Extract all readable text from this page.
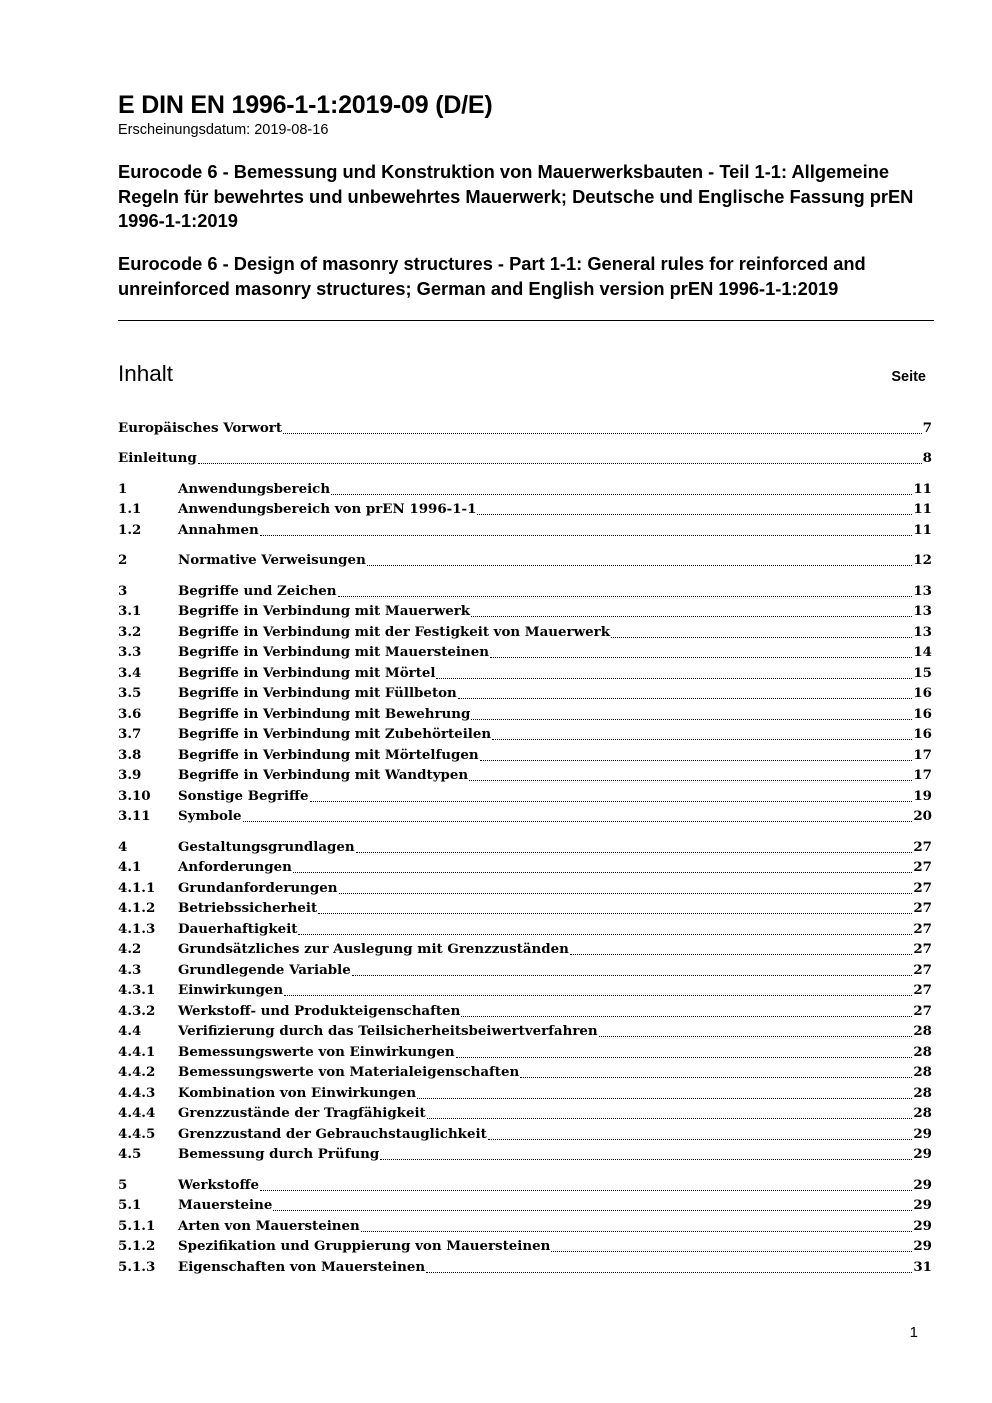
E DIN EN 1996-1-1:2019-09 (D/E)
Erscheinungsdatum: 2019-08-16
Eurocode 6 - Bemessung und Konstruktion von Mauerwerksbauten - Teil 1-1: Allgemeine Regeln für bewehrtes und unbewehrtes Mauerwerk; Deutsche und Englische Fassung prEN 1996-1-1:2019
Eurocode 6 - Design of masonry structures - Part 1-1: General rules for reinforced and unreinforced masonry structures; German and English version prEN 1996-1-1:2019
Inhalt	Seite
Europäisches Vorwort	7
Einleitung	8
1	Anwendungsbereich	11
1.1	Anwendungsbereich von prEN 1996-1-1	11
1.2	Annahmen	11
2	Normative Verweisungen	12
3	Begriffe und Zeichen	13
3.1	Begriffe in Verbindung mit Mauerwerk	13
3.2	Begriffe in Verbindung mit der Festigkeit von Mauerwerk	13
3.3	Begriffe in Verbindung mit Mauersteinen	14
3.4	Begriffe in Verbindung mit Mörtel	15
3.5	Begriffe in Verbindung mit Füllbeton	16
3.6	Begriffe in Verbindung mit Bewehrung	16
3.7	Begriffe in Verbindung mit Zubehörteilen	16
3.8	Begriffe in Verbindung mit Mörtelfugen	17
3.9	Begriffe in Verbindung mit Wandtypen	17
3.10	Sonstige Begriffe	19
3.11	Symbole	20
4	Gestaltungsgrundlagen	27
4.1	Anforderungen	27
4.1.1	Grundanforderungen	27
4.1.2	Betriebssicherheit	27
4.1.3	Dauerhaftigkeit	27
4.2	Grundsätzliches zur Auslegung mit Grenzzuständen	27
4.3	Grundlegende Variable	27
4.3.1	Einwirkungen	27
4.3.2	Werkstoff- und Produkteigenschaften	27
4.4	Verifizierung durch das Teilsicherheitsbeiwertverfahren	28
4.4.1	Bemessungswerte von Einwirkungen	28
4.4.2	Bemessungswerte von Materialeigenschaften	28
4.4.3	Kombination von Einwirkungen	28
4.4.4	Grenzzustände der Tragfähigkeit	28
4.4.5	Grenzzustand der Gebrauchstauglichkeit	29
4.5	Bemessung durch Prüfung	29
5	Werkstoffe	29
5.1	Mauersteine	29
5.1.1	Arten von Mauersteinen	29
5.1.2	Spezifikation und Gruppierung von Mauersteinen	29
5.1.3	Eigenschaften von Mauersteinen	31
1
